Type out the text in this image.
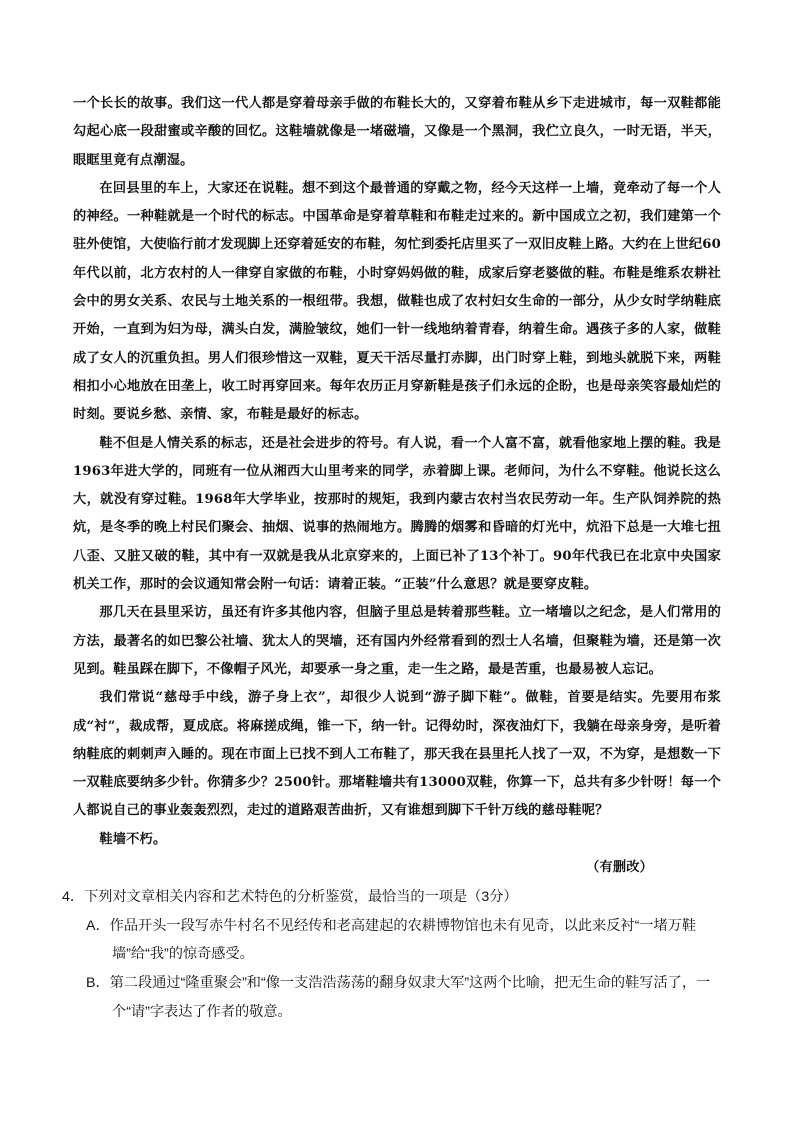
一个长长的故事。我们这一代人都是穿着母亲手做的布鞋长大的，又穿着布鞋从乡下走进城市，每一双鞋都能勾起心底一段甜蜜或辛酸的回忆。这鞋墙就像是一堵磁墙，又像是一个黑洞，我伫立良久，一时无语，半天，眼眶里竟有点潮湿。

在回县里的车上，大家还在说鞋。想不到这个最普通的穿戴之物，经今天这样一上墙，竟牵动了每一个人的神经。一种鞋就是一个时代的标志。中国革命是穿着草鞋和布鞋走过来的。新中国成立之初，我们建第一个驻外使馆，大使临行前才发现脚上还穿着延安的布鞋，匆忙到委托店里买了一双旧皮鞋上路。大约在上世纪60年代以前，北方农村的人一律穿自家做的布鞋，小时穿妈妈做的鞋，成家后穿老婆做的鞋。布鞋是维系农耕社会中的男女关系、农民与土地关系的一根纽带。我想，做鞋也成了农村妇女生命的一部分，从少女时学纳鞋底开始，一直到为妇为母，满头白发，满脸皱纹，她们一针一线地纳着青春，纳着生命。遇孩子多的人家，做鞋成了女人的沉重负担。男人们很珍惜这一双鞋，夏天干活尽量打赤脚，出门时穿上鞋，到地头就脱下来，两鞋相扣小心地放在田垄上，收工时再穿回来。每年农历正月穿新鞋是孩子们永远的企盼，也是母亲笑容最灿烂的时刻。要说乡愁、亲情、家，布鞋是最好的标志。

鞋不但是人情关系的标志，还是社会进步的符号。有人说，看一个人富不富，就看他家地上摆的鞋。我是1963年进大学的，同班有一位从湘西大山里考来的同学，赤着脚上课。老师问，为什么不穿鞋。他说长这么大，就没有穿过鞋。1968年大学毕业，按那时的规矩，我到内蒙古农村当农民劳动一年。生产队饲养院的热炕，是冬季的晚上村民们聚会、抽烟、说事的热闹地方。腾腾的烟雾和昏暗的灯光中，炕沿下总是一大堆七扭八歪、又脏又破的鞋，其中有一双就是我从北京穿来的，上面已补了13个补丁。90年代我已在北京中央国家机关工作，那时的会议通知常会附一句话：请着正装。“正装”什么意思？就是要穿皮鞋。

那几天在县里采访，虽还有许多其他内容，但脑子里总是转着那些鞋。立一堵墙以之纪念，是人们常用的方法，最著名的如巴黎公社墙、犹太人的哭墙，还有国内外经常看到的烈士人名墙，但聚鞋为墙，还是第一次见到。鞋虽踩在脚下，不像帽子风光，却要承一身之重，走一生之路，最是苦重，也最易被人忘记。

我们常说“慈母手中线，游子身上衣”，却很少人说到“游子脚下鞋”。做鞋，首要是结实。先要用布浆成“衬”，裁成帮，夏成底。将麻搓成绳，锥一下，纳一针。记得幼时，深夜油灯下，我躺在母亲身旁，是听着纳鞋底的刺刺声入睡的。现在市面上已找不到人工布鞋了，那天我在县里托人找了一双，不为穿，是想数一下一双鞋底要纳多少针。你猜多少？2500针。那堵鞋墙共有13000双鞋，你算一下，总共有多少针呀！每一个人都说自己的事业轰轰烈烈，走过的道路艰苦曲折，又有谁想到脚下千针万线的慈母鞋呢？

鞋墙不朽。

（有删改）

4．下列对文章相关内容和艺术特色的分析鉴赏，最恰当的一项是（3分）

A．作品开头一段写赤牛村名不见经传和老高建起的农耕博物馆也未有见奇，以此来反衬“一堵万鞋墙”给“我”的惊奇感受。

B．第二段通过“隆重聚会”和“像一支浩浩荡荡的翻身奴隶大军”这两个比喻，把无生命的鞋写活了，一个“请”字表达了作者的敬意。
